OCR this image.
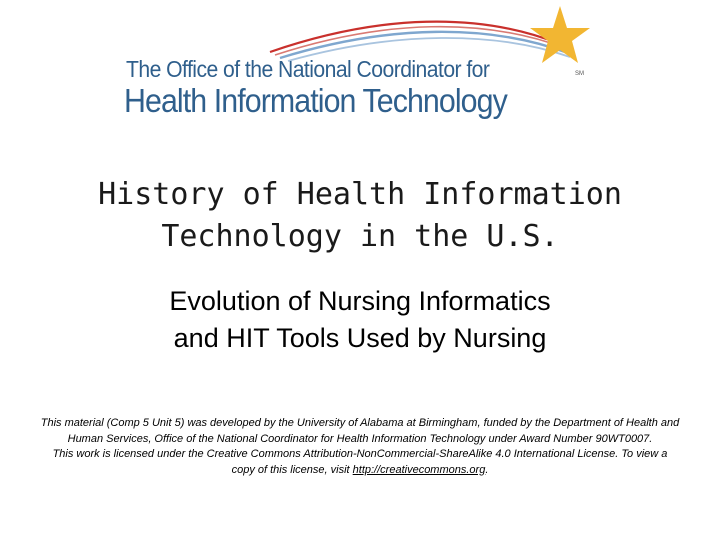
The Office of the National Coordinator for
Health Information Technology
SM
History of Health Information
Technology in the U.S.
Evolution of Nursing Informatics
and HIT Tools Used by Nursing

This material (Comp 5 Unit 5) was developed by the University of Alabama at Birmingham, funded by the Department of Health and Human Services, Office of the National Coordinator for Health Information Technology under Award Number 90WT0007.

This work is licensed under the Creative Commons Attribution-NonCommercial-ShareAlike 4.0 International License. To view a copy of this license, visit http://creativecommons.org.
